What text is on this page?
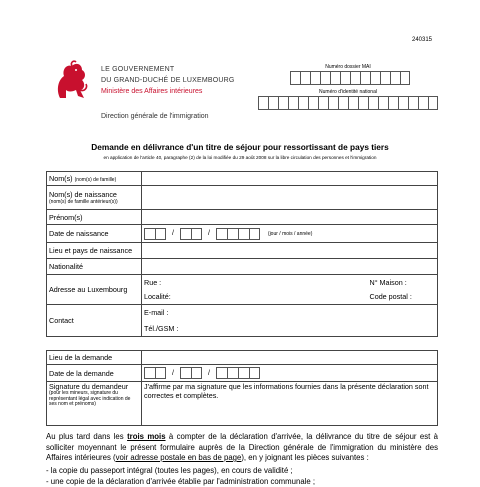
240315
LE GOUVERNEMENT
DU GRAND-DUCHÉ DE LUXEMBOURG
Ministère des Affaires intérieures
Direction générale de l'immigration
Numéro dossier MAI
Numéro d'identité national
Demande en délivrance d'un titre de séjour pour ressortissant de pays tiers
en application de l'article 40, paragraphe (2) de la loi modifiée du 29 août 2008 sur la libre circulation des personnes et l'immigration
Nom(s) (nom(s) de famille)		

Nom(s) de naissance
(nom(s) de famille antérieur(s))		

Prénom(s)		
Date de naissance	/ / (jour / mois / année)	
Lieu et pays de naissance		
Nationalité		
Adresse au Luxembourg	Rue :	N° Maison :
	Localité:	Code postal :
Contact	E-mail :	
	Tél./GSM :	
Lieu de la demande	
Date de la demande	/ /

Signature du demandeur
(pour les mineurs, signature du représentant légal avec indication de ses nom et prénoms)	J'affirme par ma signature que les informations fournies dans la présente déclaration sont correctes et complètes.
Au plus tard dans les trois mois à compter de la déclaration d'arrivée, la délivrance du titre de séjour est à solliciter moyennant le présent formulaire auprès de la Direction générale de l'immigration du ministère des Affaires intérieures (voir adresse postale en bas de page), en y joignant les pièces suivantes :
- la copie du passeport intégral (toutes les pages), en cours de validité ;
- une copie de la déclaration d'arrivée établie par l'administration communale ;
